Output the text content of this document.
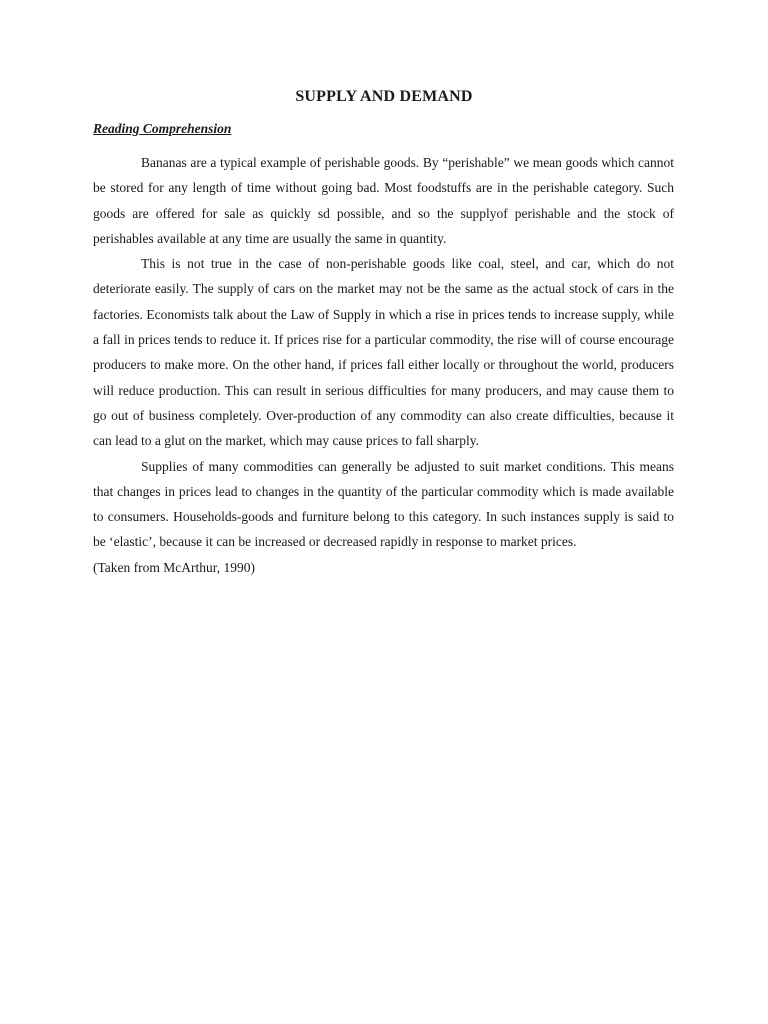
SUPPLY AND DEMAND
Reading Comprehension

Bananas are a typical example of perishable goods. By “perishable” we mean goods which cannot be stored for any length of time without going bad. Most foodstuffs are in the perishable category. Such goods are offered for sale as quickly sd possible, and so the supplyof perishable and the stock of perishables available at any time are usually the same in quantity.

This is not true in the case of non-perishable goods like coal, steel, and car, which do not deteriorate easily. The supply of cars on the market may not be the same as the actual stock of cars in the factories. Economists talk about the Law of Supply in which a rise in prices tends to increase supply, while a fall in prices tends to reduce it. If prices rise for a particular commodity, the rise will of course encourage producers to make more. On the other hand, if prices fall either locally or throughout the world, producers will reduce production. This can result in serious difficulties for many producers, and may cause them to go out of business completely. Over-production of any commodity can also create difficulties, because it can lead to a glut on the market, which may cause prices to fall sharply.

Supplies of many commodities can generally be adjusted to suit market conditions. This means that changes in prices lead to changes in the quantity of the particular commodity which is made available to consumers. Households-goods and furniture belong to this category. In such instances supply is said to be ‘elastic’, because it can be increased or decreased rapidly in response to market prices.

(Taken from McArthur, 1990)
